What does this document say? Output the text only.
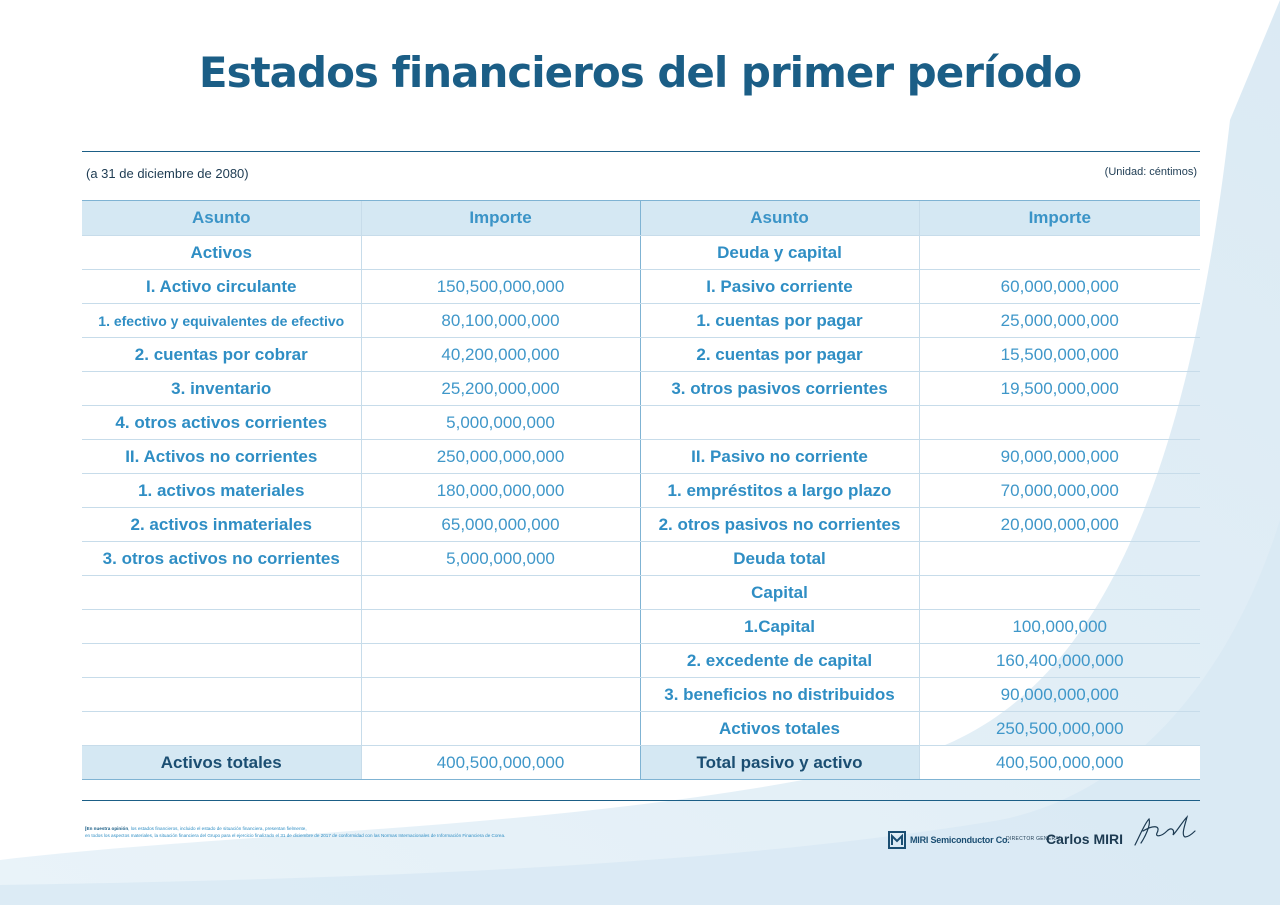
Estados financieros del primer período
(a 31 de diciembre de 2080)	(Unidad: céntimos)
Asunto	Importe	Asunto	Importe
Activos		Deuda y capital	
I. Activo circulante	150,500,000,000	I. Pasivo corriente	60,000,000,000
1. efectivo y equivalentes de efectivo	80,100,000,000	1. cuentas por pagar	25,000,000,000
2. cuentas por cobrar	40,200,000,000	2. cuentas por pagar	15,500,000,000
3. inventario	25,200,000,000	3. otros pasivos corrientes	19,500,000,000
4. otros activos corrientes	5,000,000,000		
II. Activos no corrientes	250,000,000,000	II. Pasivo no corriente	90,000,000,000
1. activos materiales	180,000,000,000	1. empréstitos a largo plazo	70,000,000,000
2. activos inmateriales	65,000,000,000	2. otros pasivos no corrientes	20,000,000,000
3. otros activos no corrientes	5,000,000,000	Deuda total	
		Capital	
		1.Capital	100,000,000
		2. excedente de capital	160,400,000,000
		3. beneficios no distribuidos	90,000,000,000
		Activos totales	250,500,000,000
Activos totales	400,500,000,000	Total pasivo y activo	400,500,000,000
[En nuestra opinión, los estados financieros, incluido el estado de situación financiera, presentan fielmente,
en todos los aspectos materiales, la situación financiera del Grupo para el ejercicio finalizado el 31 de diciembre de 2017 de conformidad con las Normas Internacionales de Información Financiera de Corea.	MIRI Semiconductor Co.
DIRECTOR GENERAL
Carlos MIRI
